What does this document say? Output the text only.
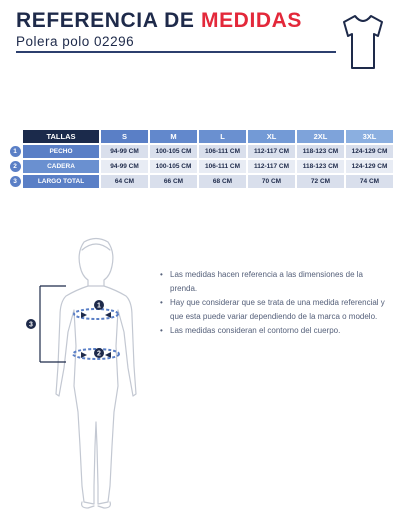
REFERENCIA DE MEDIDAS
Polera polo 02296
	TALLAS	S	M	L	XL	2XL	3XL
1	PECHO	94-99 CM	100-105 CM	106-111 CM	112-117 CM	118-123 CM	124-129 CM
2	CADERA	94-99 CM	100-105 CM	106-111 CM	112-117 CM	118-123 CM	124-129 CM
3	LARGO TOTAL	64 CM	66 CM	68 CM	70 CM	72 CM	74 CM
1
2
3
• Las medidas hacen referencia a las dimensiones de la prenda.
• Hay que considerar que se trata de una medida referencial y que esta puede variar dependiendo de la marca o modelo.
• Las medidas consideran el contorno del cuerpo.
